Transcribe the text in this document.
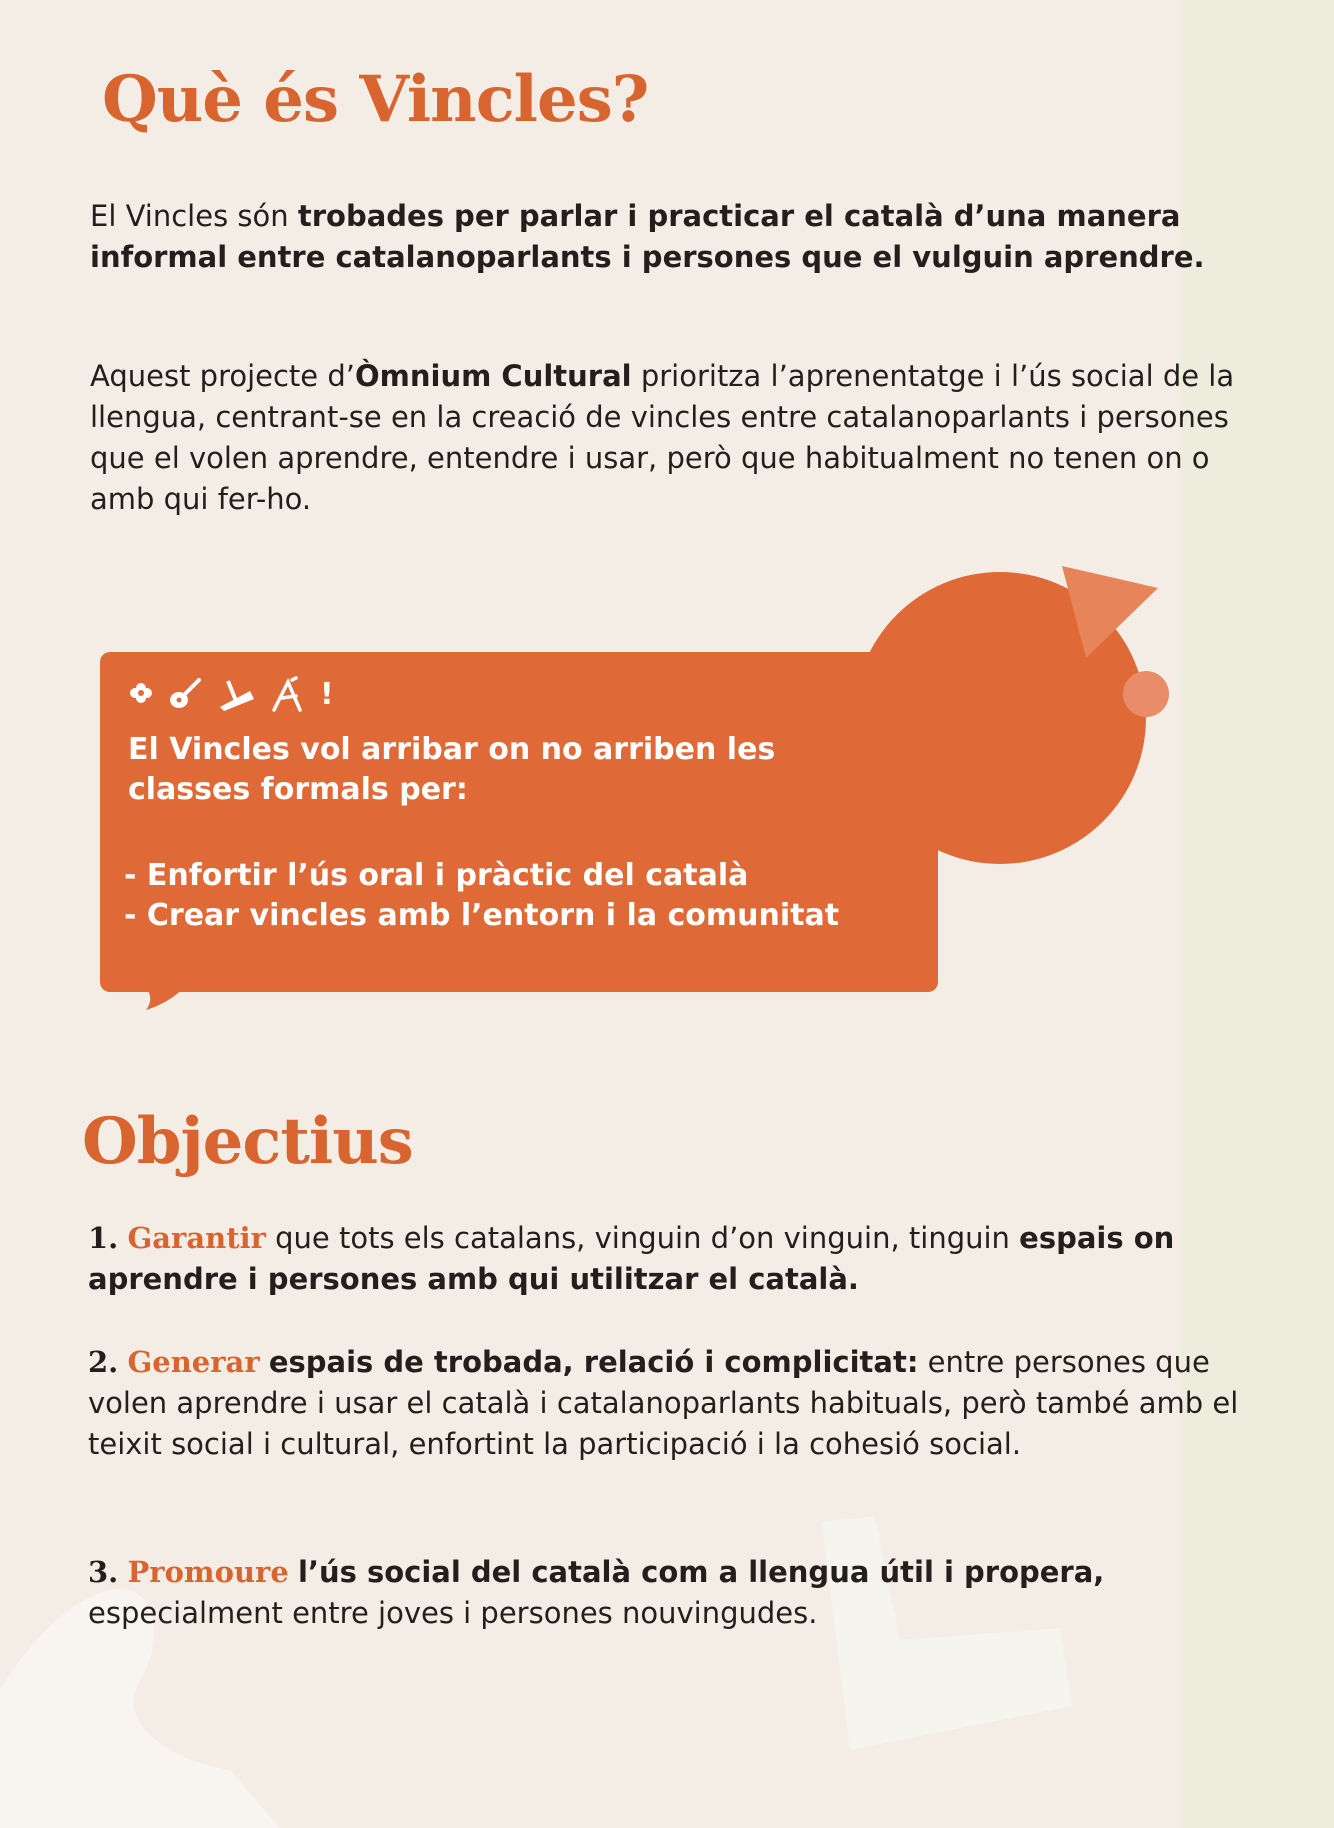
Què és Vincles?

El Vincles són trobades per parlar i practicar el català d’una manera informal entre catalanoparlants i persones que el vulguin aprendre.

Aquest projecte d’Òmnium Cultural prioritza l’aprenentatge i l’ús social de la llengua, centrant-se en la creació de vincles entre catalanoparlants i persones que el volen aprendre, entendre i usar, però que habitualment no tenen on o amb qui fer-ho.

!

El Vincles vol arribar on no arriben les classes formals per:

- Enfortir l’ús oral i pràctic del català
- Crear vincles amb l’entorn i la comunitat
Objectius

1. Garantir que tots els catalans, vinguin d’on vinguin, tinguin espais on aprendre i persones amb qui utilitzar el català.

2. Generar espais de trobada, relació i complicitat: entre persones que volen aprendre i usar el català i catalanoparlants habituals, però també amb el teixit social i cultural, enfortint la participació i la cohesió social.

3. Promoure l’ús social del català com a llengua útil i propera, especialment entre joves i persones nouvingudes.
